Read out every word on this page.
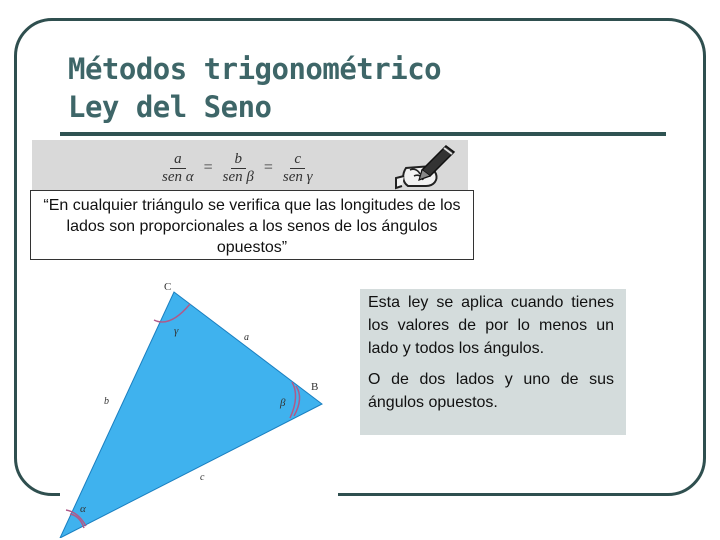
Métodos trigonométrico
Ley del Seno
$\frac{a}{\text{sen α}} = \frac{b}{\text{sen β}} = \frac{c}{\text{sen γ}}$
“En cualquier triángulo se verifica que las longitudes de los lados son proporcionales a los senos de los ángulos opuestos”
C
B
a
b
c
γ
β
α

Esta ley se aplica cuando tienes los valores de por lo menos un lado y todos los ángulos.

O de dos lados y uno de sus ángulos opuestos.
